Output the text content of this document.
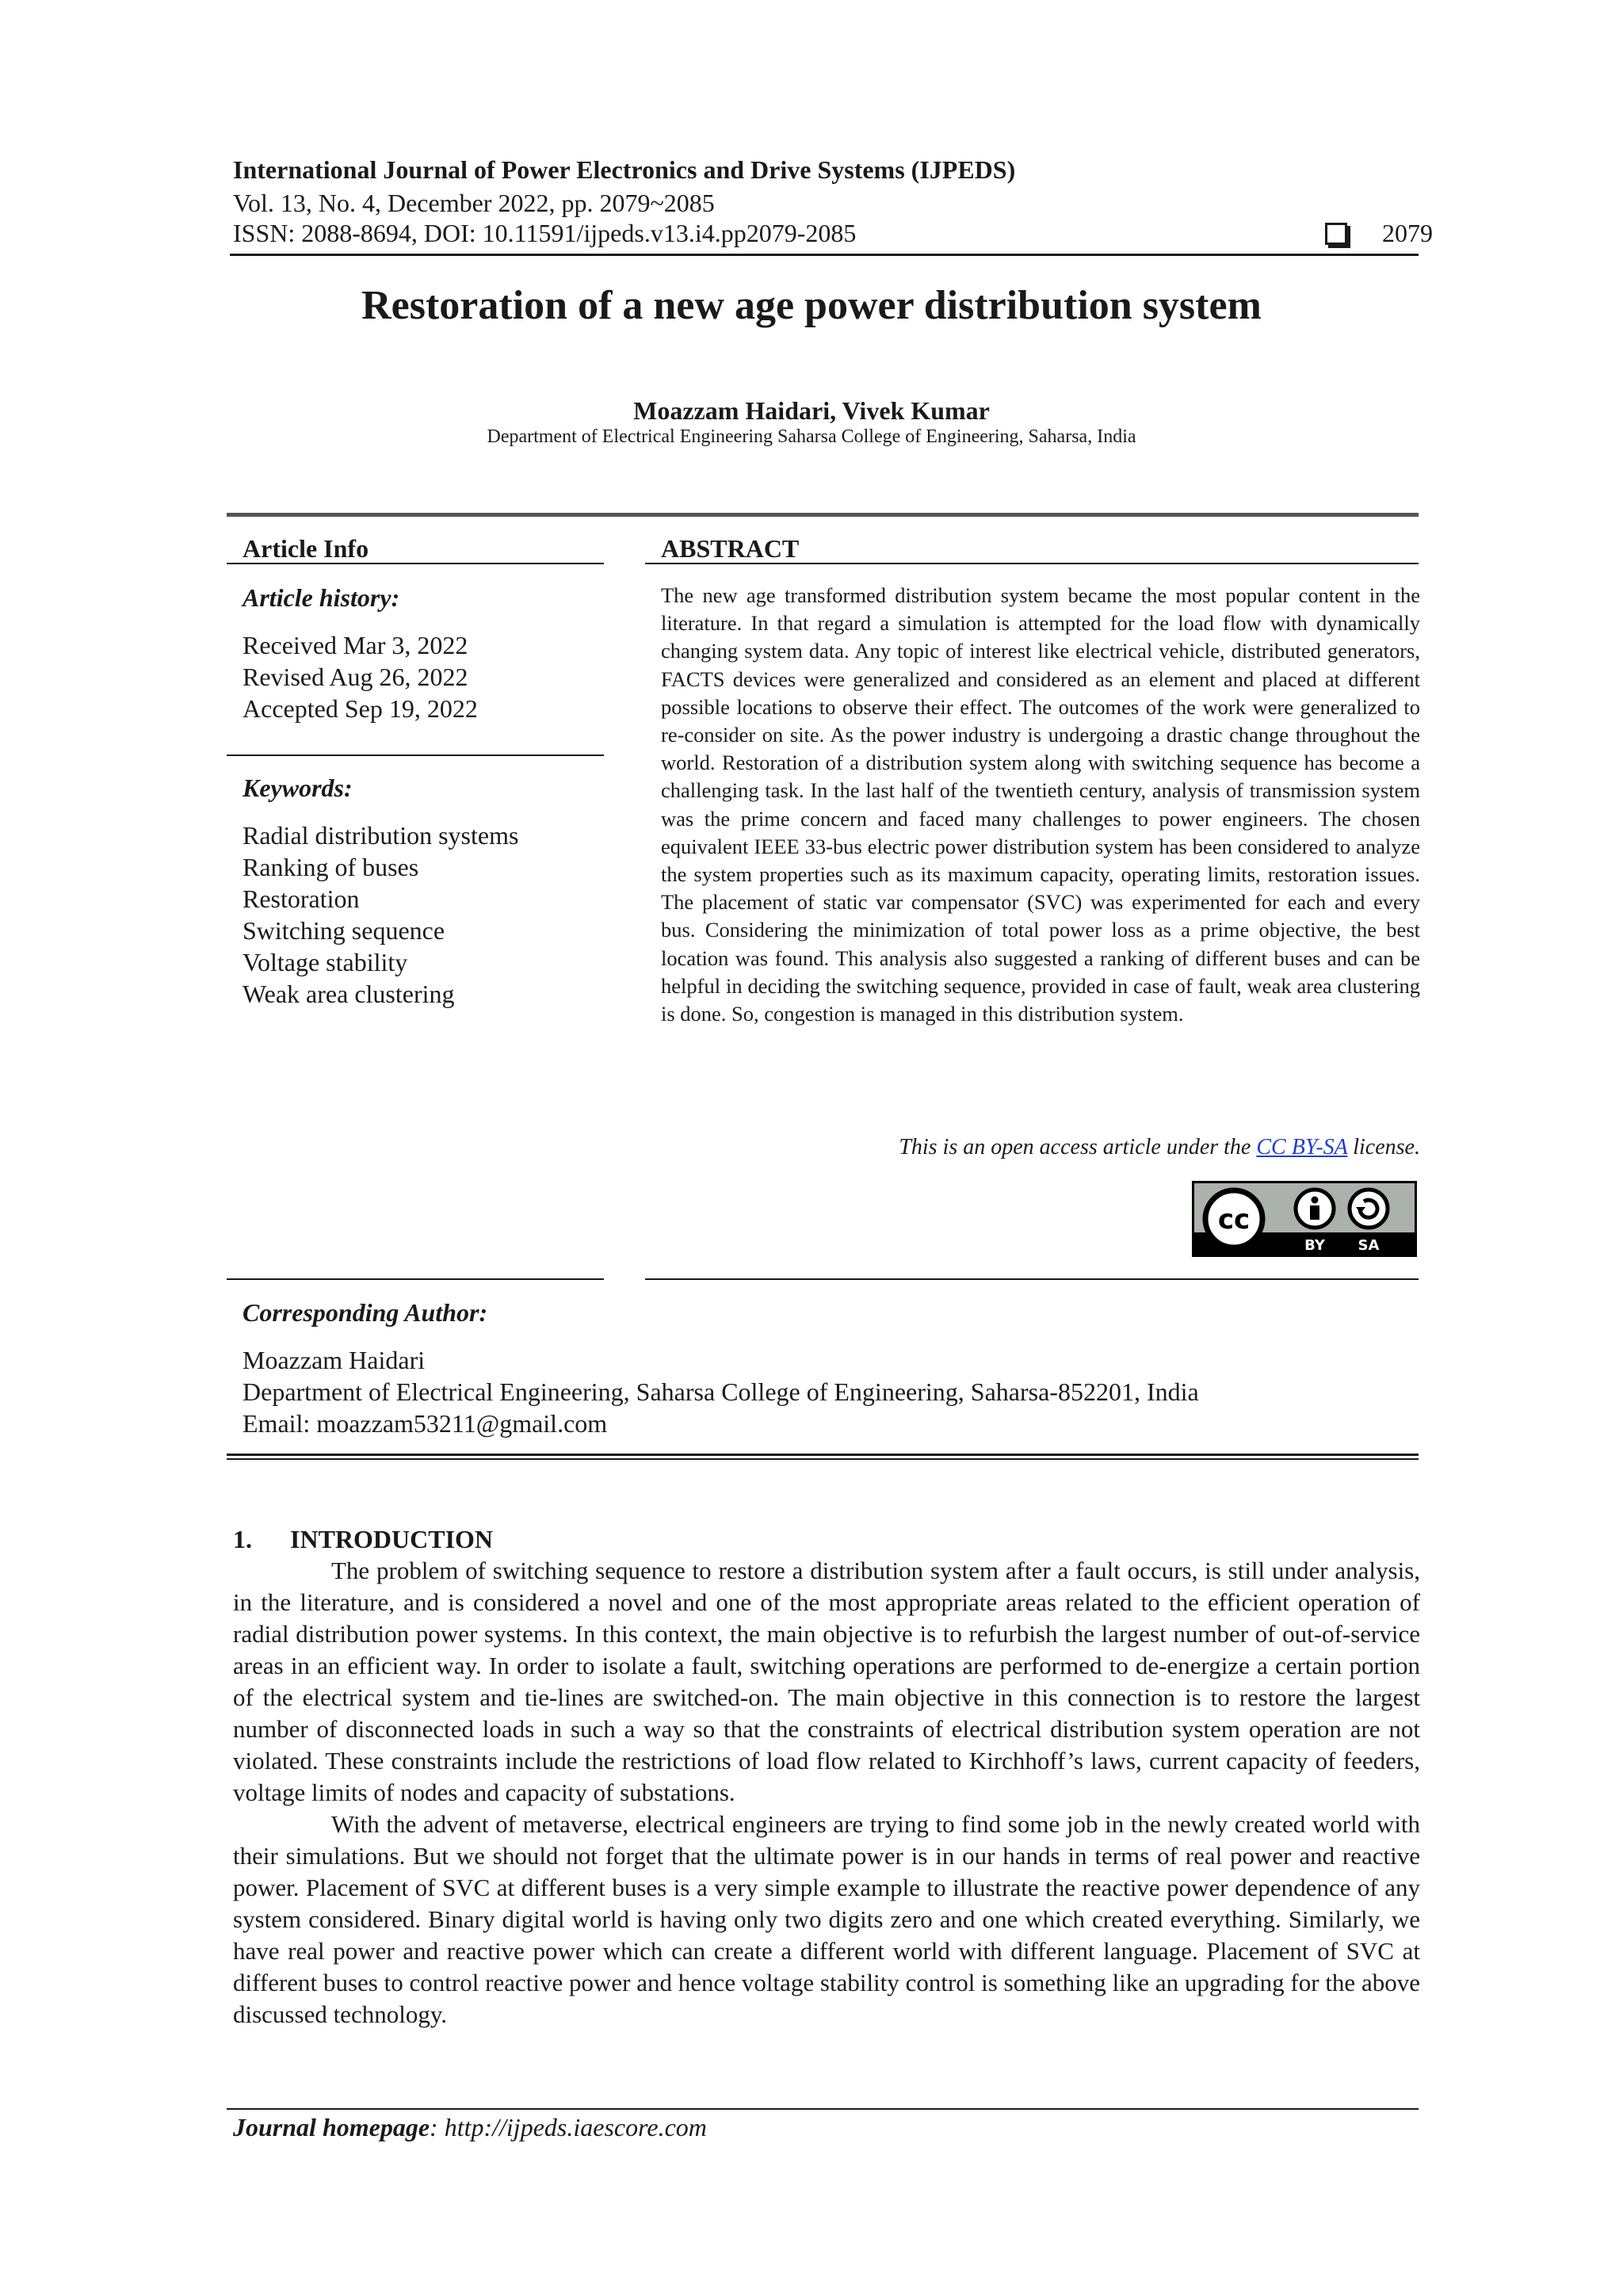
International Journal of Power Electronics and Drive Systems (IJPEDS)
Vol. 13, No. 4, December 2022, pp. 2079~2085
ISSN: 2088-8694, DOI: 10.11591/ijpeds.v13.i4.pp2079-2085	2079
Restoration of a new age power distribution system
Moazzam Haidari, Vivek Kumar
Department of Electrical Engineering Saharsa College of Engineering, Saharsa, India
Article Info
Article history:
Received Mar 3, 2022
Revised Aug 26, 2022
Accepted Sep 19, 2022
Keywords:
Radial distribution systems
Ranking of buses
Restoration
Switching sequence
Voltage stability
Weak area clustering
ABSTRACT

The new age transformed distribution system became the most popular content in the literature. In that regard a simulation is attempted for the load flow with dynamically changing system data. Any topic of interest like electrical vehicle, distributed generators, FACTS devices were generalized and considered as an element and placed at different possible locations to observe their effect. The outcomes of the work were generalized to re-consider on site. As the power industry is undergoing a drastic change throughout the world. Restoration of a distribution system along with switching sequence has become a challenging task. In the last half of the twentieth century, analysis of transmission system was the prime concern and faced many challenges to power engineers. The chosen equivalent IEEE 33-bus electric power distribution system has been considered to analyze the system properties such as its maximum capacity, operating limits, restoration issues. The placement of static var compensator (SVC) was experimented for each and every bus. Considering the minimization of total power loss as a prime objective, the best location was found. This analysis also suggested a ranking of different buses and can be helpful in deciding the switching sequence, provided in case of fault, weak area clustering is done. So, congestion is managed in this distribution system.

This is an open access article under the CC BY-SA license.
cc
BY SA
Corresponding Author:
Moazzam Haidari
Department of Electrical Engineering, Saharsa College of Engineering, Saharsa-852201, India
Email: moazzam53211@gmail.com
1. INTRODUCTION

The problem of switching sequence to restore a distribution system after a fault occurs, is still under analysis, in the literature, and is considered a novel and one of the most appropriate areas related to the efficient operation of radial distribution power systems. In this context, the main objective is to refurbish the largest number of out-of-service areas in an efficient way. In order to isolate a fault, switching operations are performed to de-energize a certain portion of the electrical system and tie-lines are switched-on. The main objective in this connection is to restore the largest number of disconnected loads in such a way so that the constraints of electrical distribution system operation are not violated. These constraints include the restrictions of load flow related to Kirchhoff’s laws, current capacity of feeders, voltage limits of nodes and capacity of substations.

With the advent of metaverse, electrical engineers are trying to find some job in the newly created world with their simulations. But we should not forget that the ultimate power is in our hands in terms of real power and reactive power. Placement of SVC at different buses is a very simple example to illustrate the reactive power dependence of any system considered. Binary digital world is having only two digits zero and one which created everything. Similarly, we have real power and reactive power which can create a different world with different language. Placement of SVC at different buses to control reactive power and hence voltage stability control is something like an upgrading for the above discussed technology.

Journal homepage: http://ijpeds.iaescore.com
